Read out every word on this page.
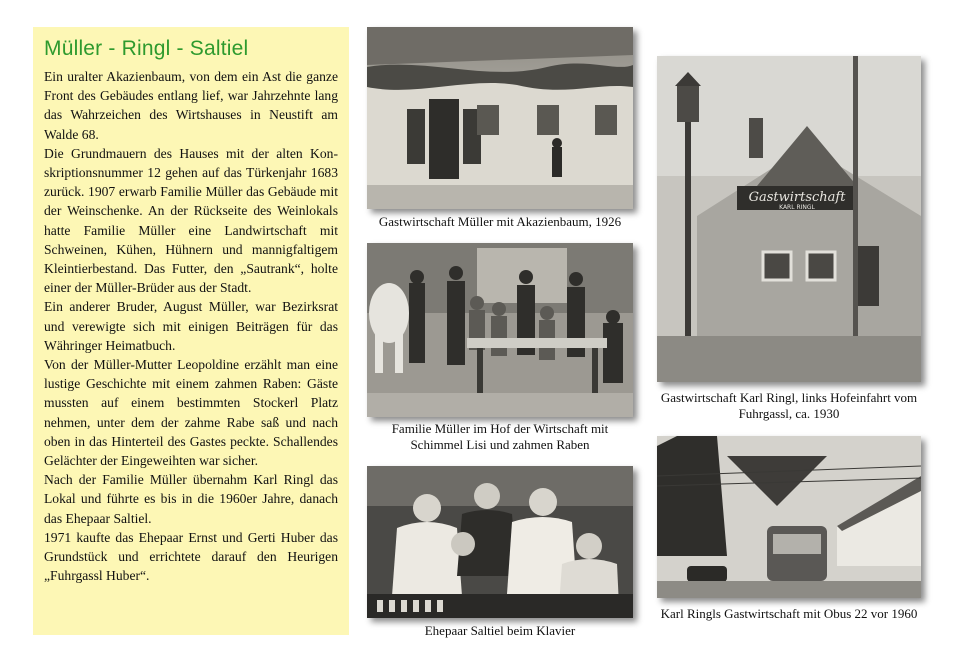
Müller - Ringl - Saltiel

Ein uralter Akazienbaum, von dem ein Ast die ganze Front des Gebäudes entlang lief, war Jahrzehnte lang das Wahrzeichen des Wirtshauses in Neustift am Walde 68.

Die Grundmauern des Hauses mit der alten Konskriptionsnummer 12 gehen auf das Türkenjahr 1683 zurück. 1907 erwarb Familie Müller das Gebäude mit der Weinschenke. An der Rückseite des Weinlokals hatte Familie Müller eine Landwirtschaft mit Schweinen, Kühen, Hühnern und mannigfaltigem Kleintierbestand. Das Futter, den „Sautrank“, holte einer der Müller-Brüder aus der Stadt.

Ein anderer Bruder, August Müller, war Bezirksrat und verewigte sich mit einigen Beiträgen für das Währinger Heimatbuch.

Von der Müller-Mutter Leopoldine erzählt man eine lustige Geschichte mit einem zahmen Raben: Gäste mussten auf einem bestimmten Stockerl Platz nehmen, unter dem der zahme Rabe saß und nach oben in das Hinterteil des Gastes peckte. Schallendes Gelächter der Eingeweihten war sicher.

Nach der Familie Müller übernahm Karl Ringl das Lokal und führte es bis in die 1960er Jahre, danach das Ehepaar Saltiel.

1971 kaufte das Ehepaar Ernst und Gerti Huber das Grundstück und errichtete darauf den Heurigen „Fuhrgassl Huber“.

Gastwirtschaft Müller mit Akazienbaum, 1926
Familie Müller im Hof der Wirtschaft mit Schimmel Lisi und zahmen Raben
Ehepaar Saltiel beim Klavier
Gastwirtschaft
KARL RINGL
Gastwirtschaft Karl Ringl, links Hofeinfahrt vom Fuhrgassl, ca. 1930
Karl Ringls Gastwirtschaft mit Obus 22 vor 1960
